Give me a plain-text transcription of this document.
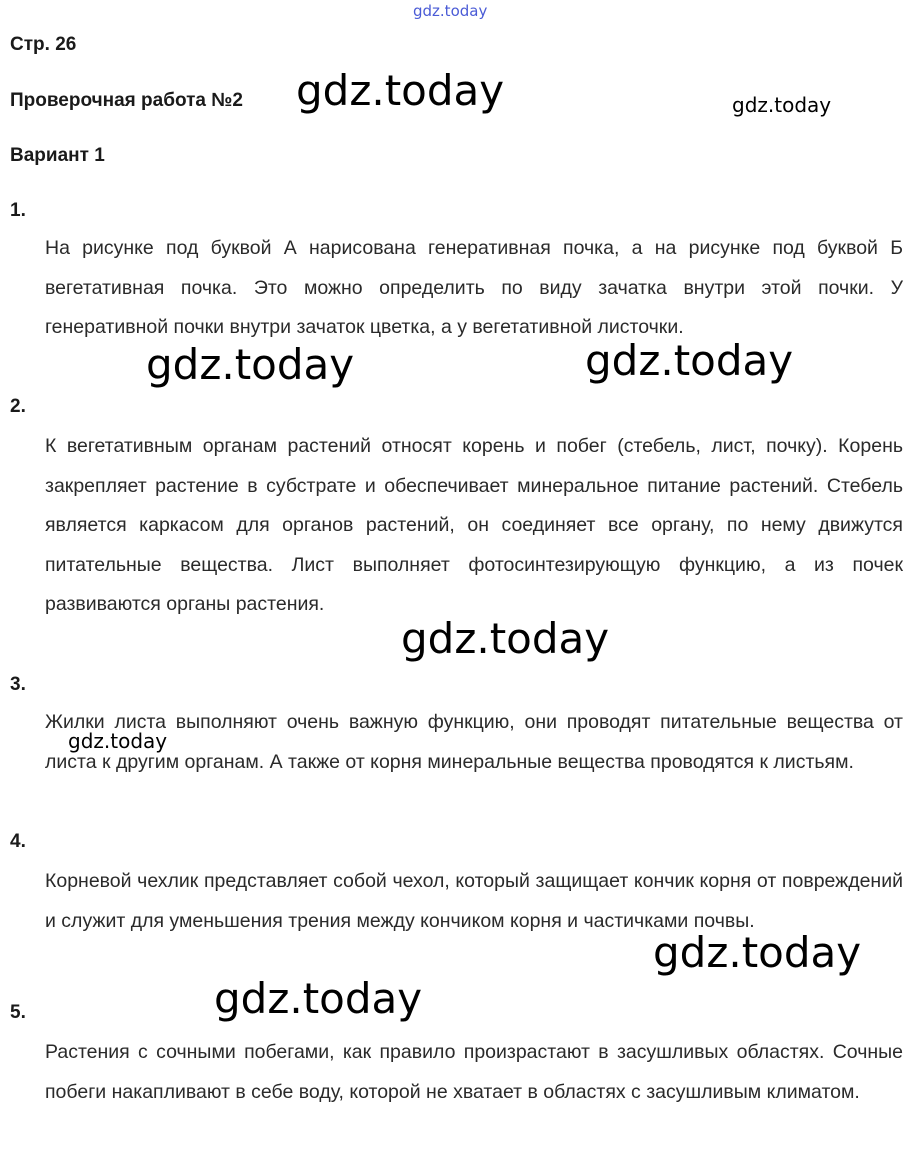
Стр. 26
Проверочная работа №2
Вариант 1
1.

На рисунке под буквой А нарисована генеративная почка, а на рисунке под буквой Б вегетативная почка. Это можно определить по виду зачатка внутри этой почки. У генеративной почки внутри зачаток цветка, а у вегетативной листочки.

2.

К вегетативным органам растений относят корень и побег (стебель, лист, почку). Корень закрепляет растение в субстрате и обеспечивает минеральное питание растений. Стебель является каркасом для органов растений, он соединяет все органу, по нему движутся питательные вещества. Лист выполняет фотосинтезирующую функцию, а из почек развиваются органы растения.

3.

Жилки листа выполняют очень важную функцию, они проводят питательные вещества от листа к другим органам. А также от корня минеральные вещества проводятся к листьям.

4.

Корневой чехлик представляет собой чехол, который защищает кончик корня от повреждений и служит для уменьшения трения между кончиком корня и частичками почвы.

5.

Растения с сочными побегами, как правило произрастают в засушливых областях. Сочные побеги накапливают в себе воду, которой не хватает в областях с засушливым климатом.

gdz.today
gdz.today	gdz.today
gdz.today	gdz.today
gdz.today
gdz.today
gdz.today
gdz.today
